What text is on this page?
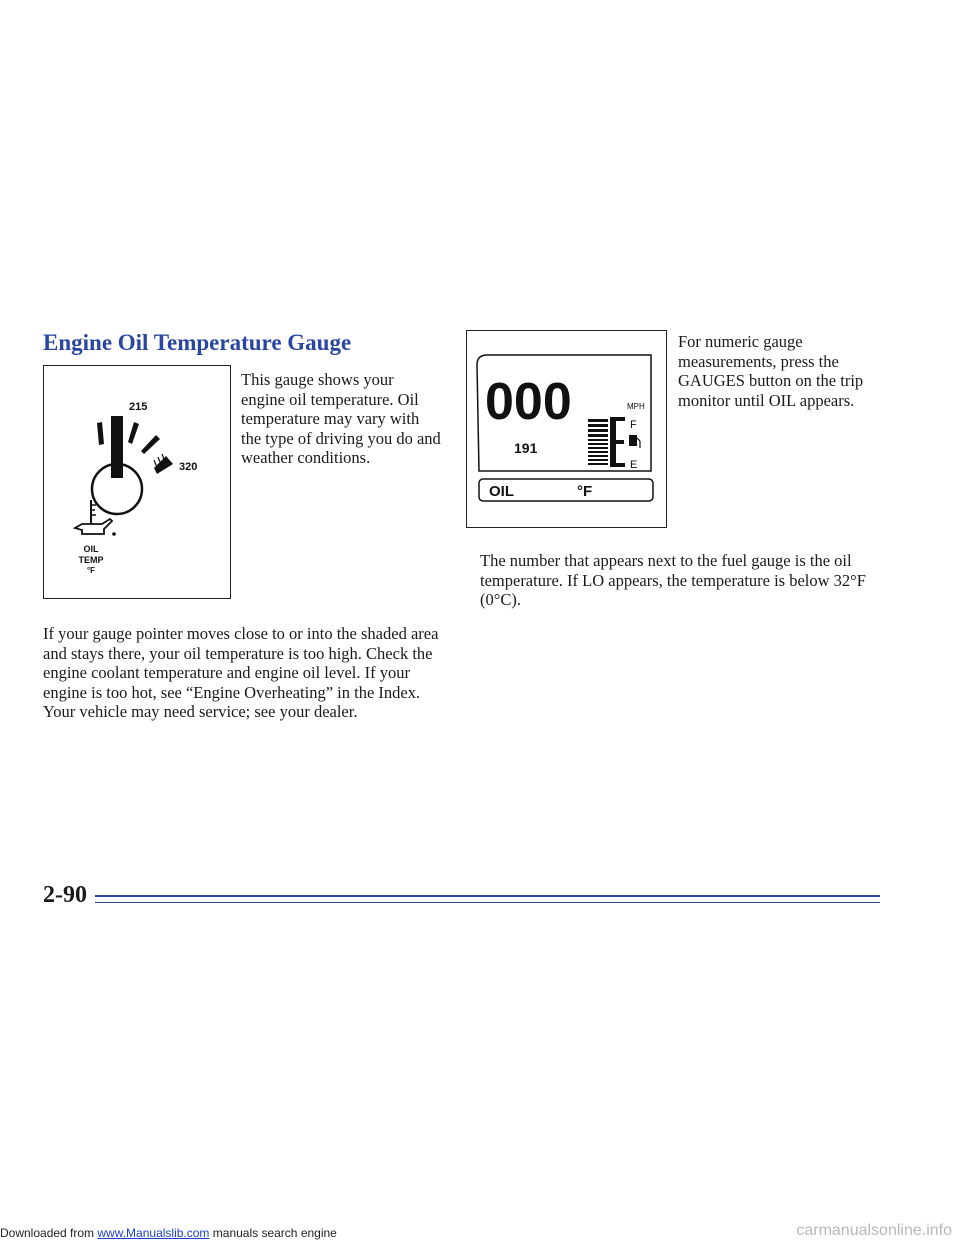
Downloaded from www.Manualslib.com manuals search engine
Engine Oil Temperature Gauge
215
320
OIL
TEMP
°F
This gauge shows your engine oil temperature. Oil temperature may vary with the type of driving you do and weather conditions.
If your gauge pointer moves close to or into the shaded area and stays there, your oil temperature is too high. Check the engine coolant temperature and engine oil level. If your engine is too hot, see “Engine Overheating” in the Index. Your vehicle may need service; see your dealer.
000	MPH
191
F
E
OIL	°F
For numeric gauge measurements, press the GAUGES button on the trip monitor until OIL appears.
The number that appears next to the fuel gauge is the oil temperature. If LO appears, the temperature is below 32°F (0°C).
2-90
carmanualsonline.info
